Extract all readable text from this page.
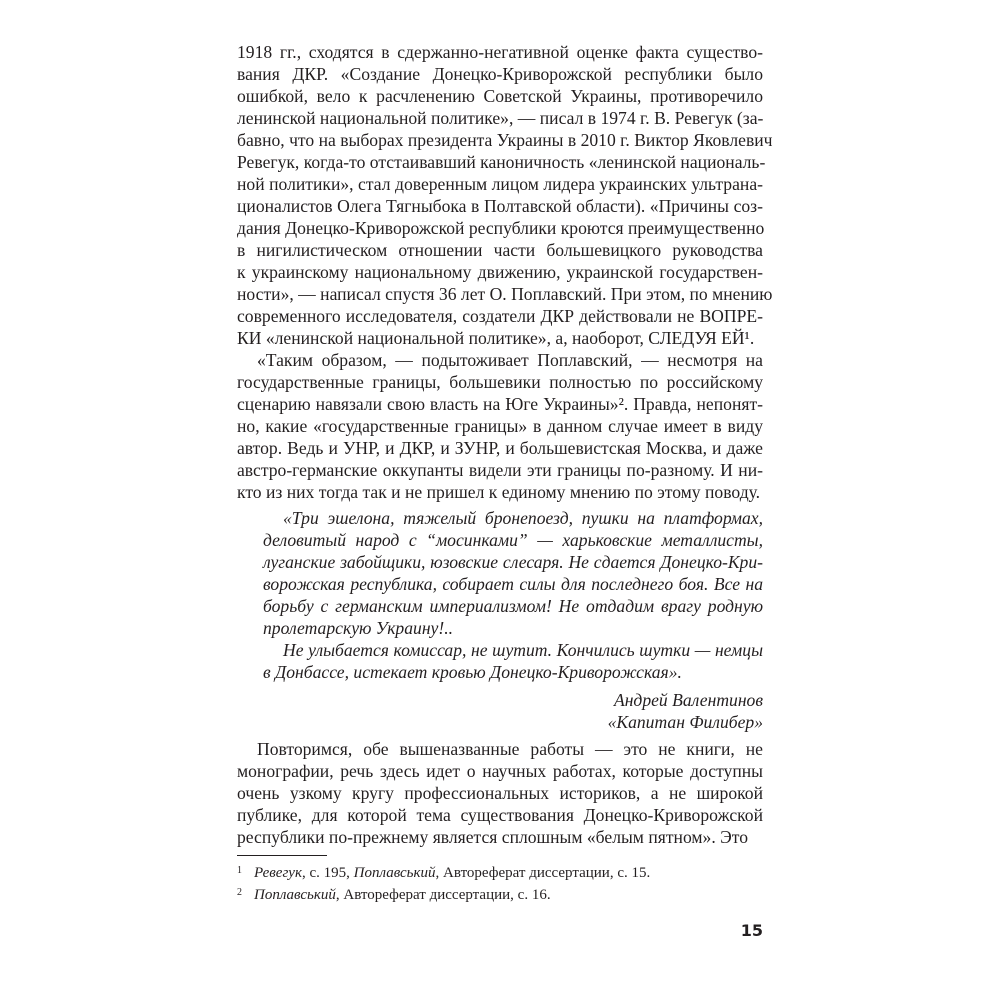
1918 гг., сходятся в сдержанно-негативной оценке факта существо-
вания ДКР. «Создание Донецко-Криворожской республики было
ошибкой, вело к расчленению Советской Украины, противоречило
ленинской национальной политике», — писал в 1974 г. В. Ревегук (за-
бавно, что на выборах президента Украины в 2010 г. Виктор Яковлевич
Ревегук, когда-то отстаивавший каноничность «ленинской националь-
ной политики», стал доверенным лицом лидера украинских ультрана-
ционалистов Олега Тягныбока в Полтавской области). «Причины соз-
дания Донецко-Криворожской республики кроются преимущественно
в нигилистическом отношении части большевицкого руководства
к украинскому национальному движению, украинской государствен-
ности», — написал спустя 36 лет О. Поплавский. При этом, по мнению
современного исследователя, создатели ДКР действовали не ВОПРЕ-
КИ «ленинской национальной политике», а, наоборот, СЛЕДУЯ ЕЙ¹.
«Таким образом, — подытоживает Поплавский, — несмотря на
государственные границы, большевики полностью по российскому
сценарию навязали свою власть на Юге Украины»². Правда, непонят-
но, какие «государственные границы» в данном случае имеет в виду
автор. Ведь и УНР, и ДКР, и ЗУНР, и большевистская Москва, и даже
австро-германские оккупанты видели эти границы по-разному. И ни-
кто из них тогда так и не пришел к единому мнению по этому поводу.
«Три эшелона, тяжелый бронепоезд, пушки на платформах,
деловитый народ с “мосинками” — харьковские металлисты,
луганские забойщики, юзовские слесаря. Не сдается Донецко-Кри-
ворожская республика, собирает силы для последнего боя. Все на
борьбу с германским империализмом! Не отдадим врагу родную
пролетарскую Украину!..
Не улыбается комиссар, не шутит. Кончились шутки — немцы
в Донбассе, истекает кровью Донецко-Криворожская».
Андрей Валентинов
«Капитан Филибер»
Повторимся, обе вышеназванные работы — это не книги, не
монографии, речь здесь идет о научных работах, которые доступны
очень узкому кругу профессиональных историков, а не широкой
публике, для которой тема существования Донецко-Криворожской
республики по-прежнему является сплошным «белым пятном». Это
$^1$ Ревегук, с. 195, Поплавський, Автореферат диссертации, с. 15.
$^2$ Поплавський, Автореферат диссертации, с. 16.
15
